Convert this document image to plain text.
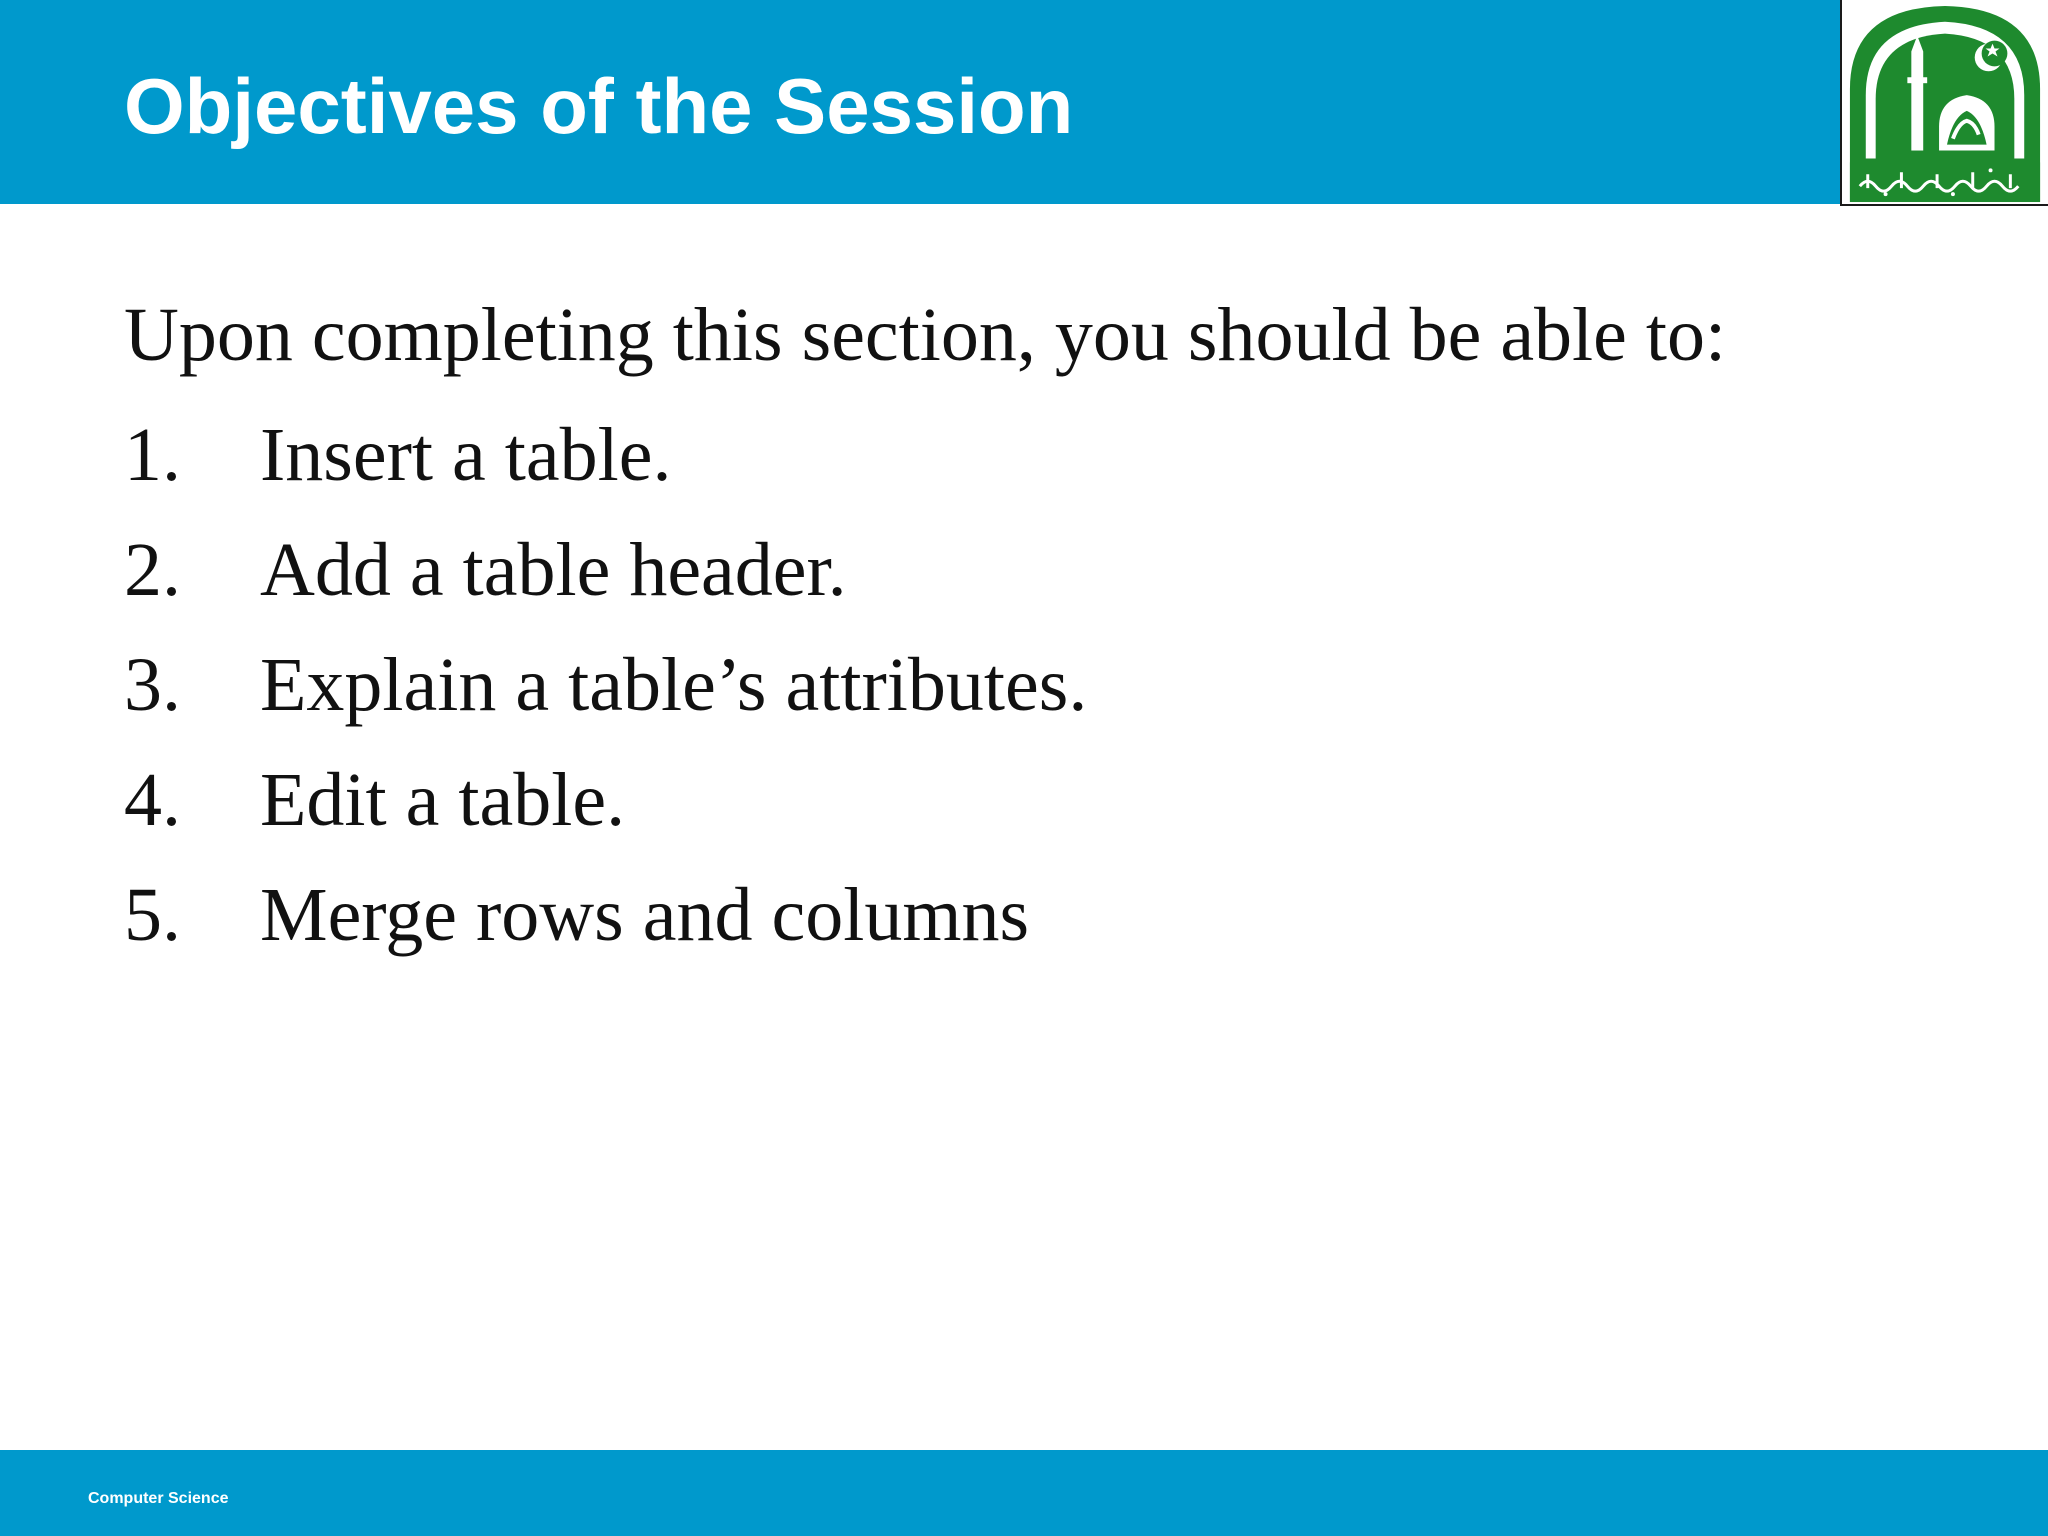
Objectives of the Session

Upon completing this section, you should be able to:

1.	Insert a table.
2.	Add a table header.
3.	Explain a table’s attributes.
4.	Edit a table.
5.	Merge rows and columns
Computer Science
